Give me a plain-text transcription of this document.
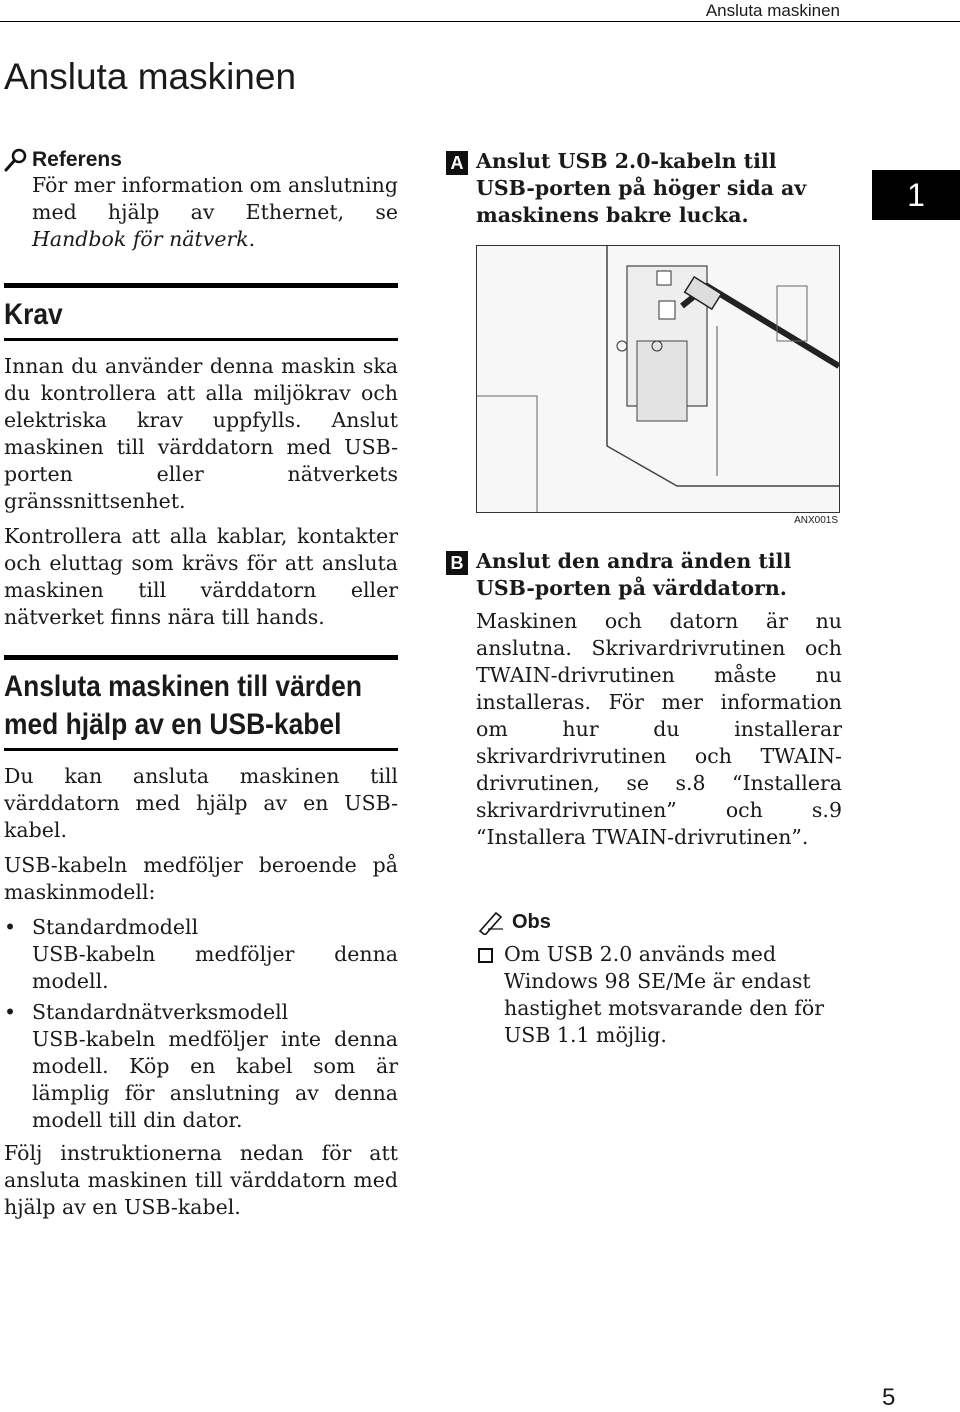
Ansluta maskinen
Ansluta maskinen
1
Referens
För mer information om anslutning med hjälp av Ethernet, se Handbok för nätverk.
Krav

Innan du använder denna maskin ska du kontrollera att alla miljökrav och elektriska krav uppfylls. Anslut maskinen till värddatorn med USB-porten eller nätverkets gränssnittsenhet.

Kontrollera att alla kablar, kontakter och eluttag som krävs för att ansluta maskinen till värddatorn eller nätverket finns nära till hands.

Ansluta maskinen till värden
med hjälp av en USB-kabel

Du kan ansluta maskinen till värddatorn med hjälp av en USB-kabel.

USB-kabeln medföljer beroende på maskinmodell:

• Standardmodell
USB-kabeln medföljer denna modell.
• Standardnätverksmodell
USB-kabeln medföljer inte denna modell. Köp en kabel som är lämplig för anslutning av denna modell till din dator.

Följ instruktionerna nedan för att ansluta maskinen till värddatorn med hjälp av en USB-kabel.

A Anslut USB 2.0-kabeln till USB-porten på höger sida av maskinens bakre lucka.
ANX001S
B Anslut den andra änden till USB-porten på värddatorn.
Maskinen och datorn är nu anslutna. Skrivardrivrutinen och TWAIN-drivrutinen måste nu installeras. För mer information om hur du installerar skrivardrivrutinen och TWAIN-drivrutinen, se s.8 “Installera skrivardrivrutinen” och s.9 “Installera TWAIN-drivrutinen”.
Obs
Om USB 2.0 används med Windows 98 SE/Me är endast hastighet motsvarande den för USB 1.1 möjlig.
5
